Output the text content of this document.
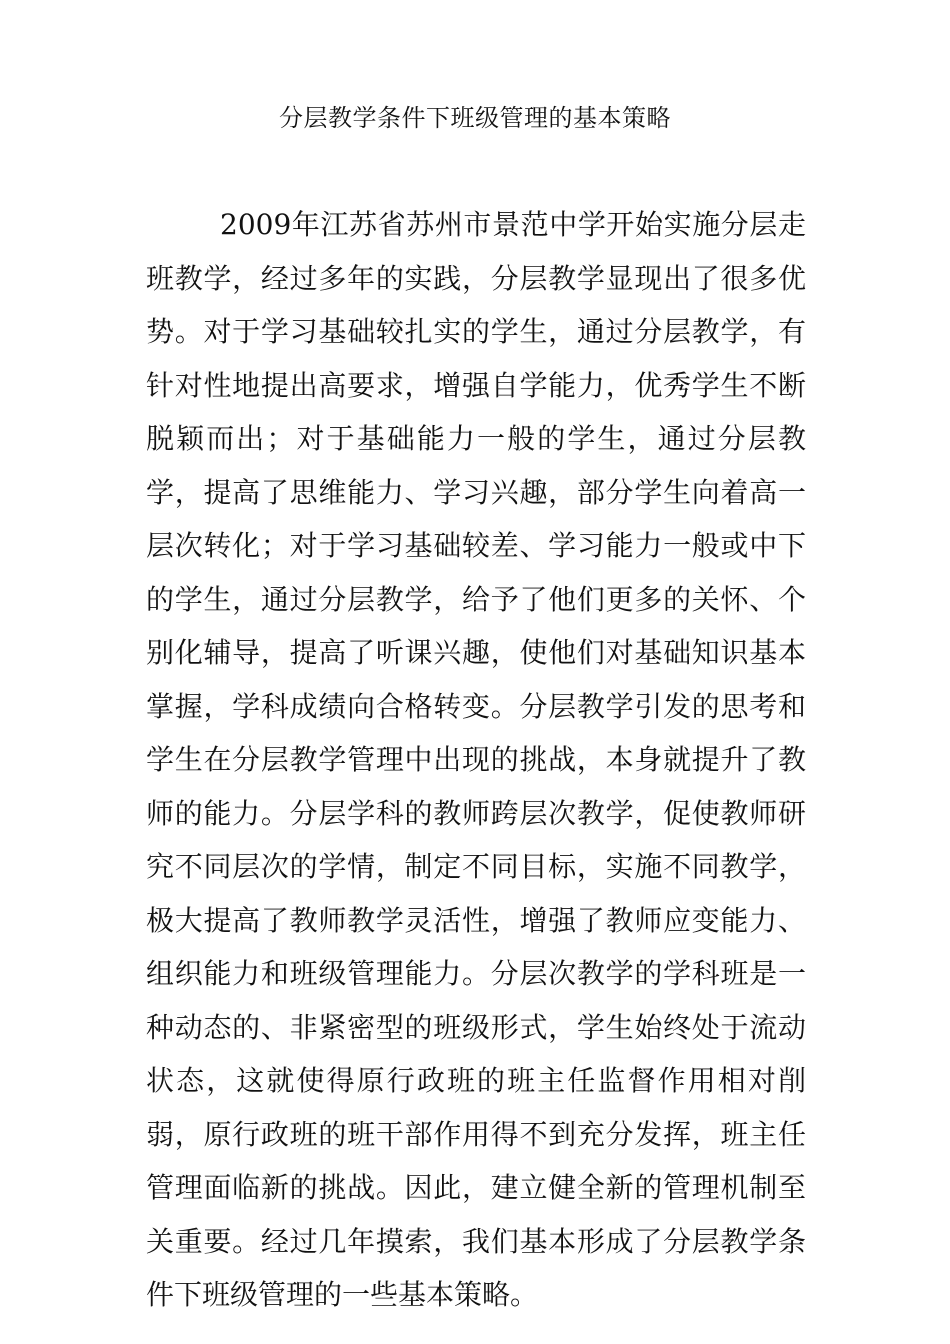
分层教学条件下班级管理的基本策略

2009年江苏省苏州市景范中学开始实施分层走班教学，经过多年的实践，分层教学显现出了很多优势。对于学习基础较扎实的学生，通过分层教学，有针对性地提出高要求，增强自学能力，优秀学生不断脱颖而出；对于基础能力一般的学生，通过分层教学，提高了思维能力、学习兴趣，部分学生向着高一层次转化；对于学习基础较差、学习能力一般或中下的学生，通过分层教学，给予了他们更多的关怀、个别化辅导，提高了听课兴趣，使他们对基础知识基本掌握，学科成绩向合格转变。分层教学引发的思考和学生在分层教学管理中出现的挑战，本身就提升了教师的能力。分层学科的教师跨层次教学，促使教师研究不同层次的学情，制定不同目标，实施不同教学，极大提高了教师教学灵活性，增强了教师应变能力、组织能力和班级管理能力。分层次教学的学科班是一种动态的、非紧密型的班级形式，学生始终处于流动状态，这就使得原行政班的班主任监督作用相对削弱，原行政班的班干部作用得不到充分发挥，班主任管理面临新的挑战。因此，建立健全新的管理机制至关重要。经过几年摸索，我们基本形成了分层教学条件下班级管理的一些基本策略。
